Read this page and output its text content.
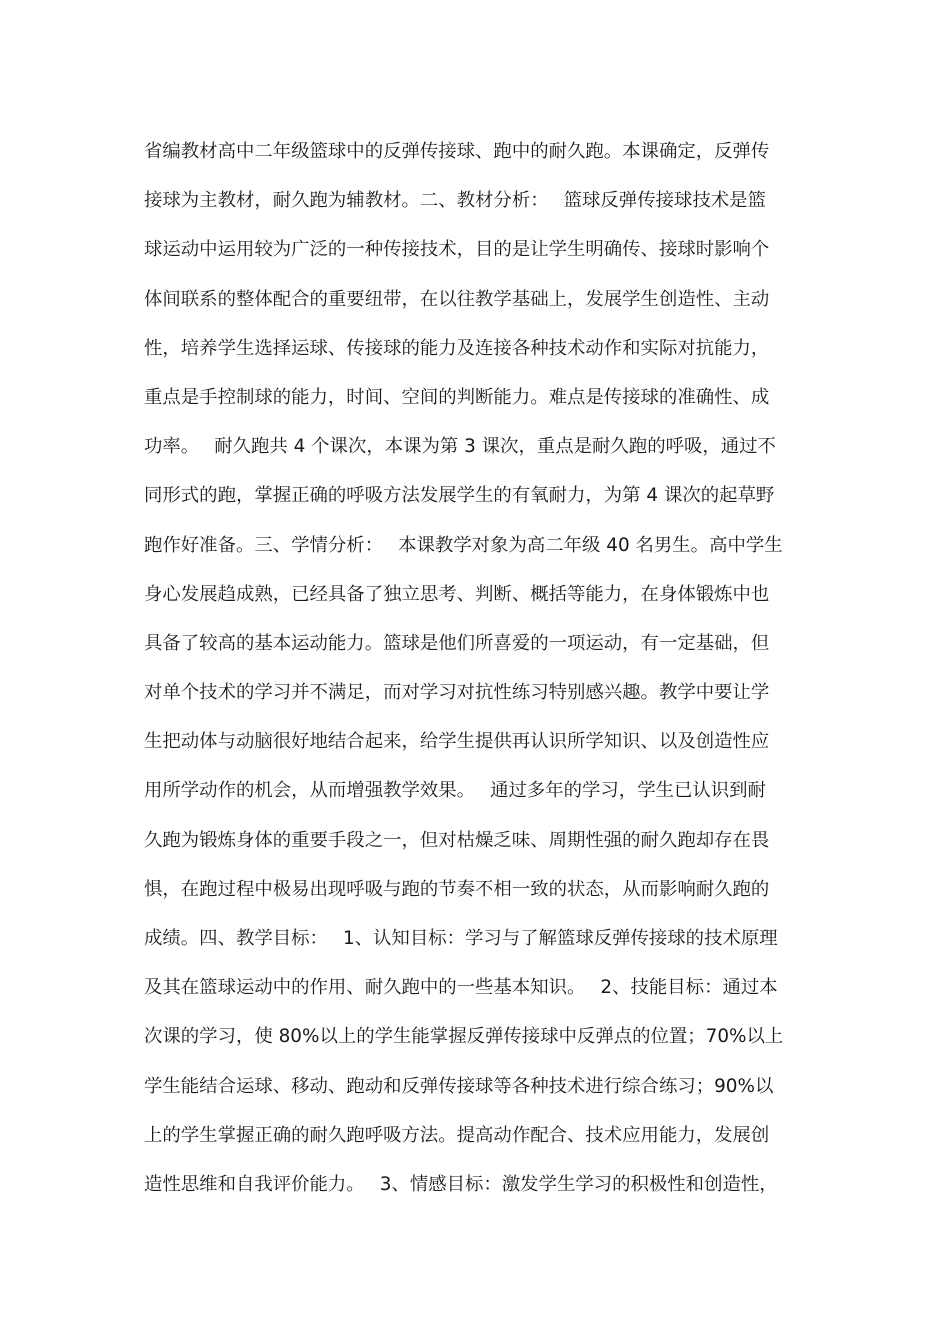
省编教材高中二年级篮球中的反弹传接球、跑中的耐久跑。本课确定，反弹传
接球为主教材，耐久跑为辅教材。二、教材分析：　 篮球反弹传接球技术是篮
球运动中运用较为广泛的一种传接技术，目的是让学生明确传、接球时影响个
体间联系的整体配合的重要纽带，在以往教学基础上，发展学生创造性、主动
性，培养学生选择运球、传接球的能力及连接各种技术动作和实际对抗能力，
重点是手控制球的能力，时间、空间的判断能力。难点是传接球的准确性、成
功率。　 耐久跑共 4 个课次，本课为第 3 课次，重点是耐久跑的呼吸，通过不
同形式的跑，掌握正确的呼吸方法发展学生的有氧耐力，为第 4 课次的起草野
跑作好准备。三、学情分析：　 本课教学对象为高二年级 40 名男生。高中学生
身心发展趋成熟，已经具备了独立思考、判断、概括等能力，在身体锻炼中也
具备了较高的基本运动能力。篮球是他们所喜爱的一项运动，有一定基础，但
对单个技术的学习并不满足，而对学习对抗性练习特别感兴趣。教学中要让学
生把动体与动脑很好地结合起来，给学生提供再认识所学知识、以及创造性应
用所学动作的机会，从而增强教学效果。　 通过多年的学习，学生已认识到耐
久跑为锻炼身体的重要手段之一，但对枯燥乏味、周期性强的耐久跑却存在畏
惧，在跑过程中极易出现呼吸与跑的节奏不相一致的状态，从而影响耐久跑的
成绩。四、教学目标：　 1、认知目标：学习与了解篮球反弹传接球的技术原理
及其在篮球运动中的作用、耐久跑中的一些基本知识。　 2、技能目标：通过本
次课的学习，使 80%以上的学生能掌握反弹传接球中反弹点的位置；70%以上
学生能结合运球、移动、跑动和反弹传接球等各种技术进行综合练习；90%以
上的学生掌握正确的耐久跑呼吸方法。提高动作配合、技术应用能力，发展创
造性思维和自我评价能力。　 3、情感目标：激发学生学习的积极性和创造性，
